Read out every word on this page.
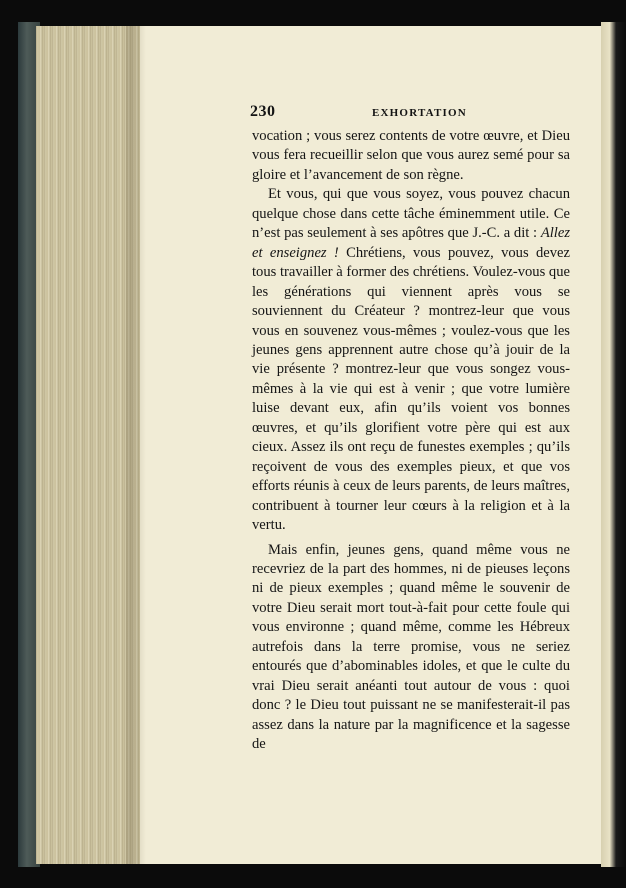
230	EXHORTATION

vocation ; vous serez contents de votre œuvre, et Dieu vous fera recueillir selon que vous aurez semé pour sa gloire et l’avancement de son règne.

Et vous, qui que vous soyez, vous pouvez chacun quelque chose dans cette tâche éminemment utile. Ce n’est pas seulement à ses apôtres que J.-C. a dit : Allez et enseignez ! Chrétiens, vous pouvez, vous devez tous travailler à former des chrétiens. Voulez-vous que les générations qui viennent après vous se souviennent du Créateur ? montrez-leur que vous vous en souvenez vous-mêmes ; voulez-vous que les jeunes gens apprennent autre chose qu’à jouir de la vie présente ? montrez-leur que vous songez vous-mêmes à la vie qui est à venir ; que votre lumière luise devant eux, afin qu’ils voient vos bonnes œuvres, et qu’ils glorifient votre père qui est aux cieux. Assez ils ont reçu de funestes exemples ; qu’ils reçoivent de vous des exemples pieux, et que vos efforts réunis à ceux de leurs parents, de leurs maîtres, contribuent à tourner leur cœurs à la religion et à la vertu.

Mais enfin, jeunes gens, quand même vous ne recevriez de la part des hommes, ni de pieuses leçons ni de pieux exemples ; quand même le souvenir de votre Dieu serait mort tout-à-fait pour cette foule qui vous environne ; quand même, comme les Hébreux autrefois dans la terre promise, vous ne seriez entourés que d’abominables idoles, et que le culte du vrai Dieu serait anéanti tout autour de vous : quoi donc ? le Dieu tout puissant ne se manifesterait-il pas assez dans la nature par la magnificence et la sagesse de
